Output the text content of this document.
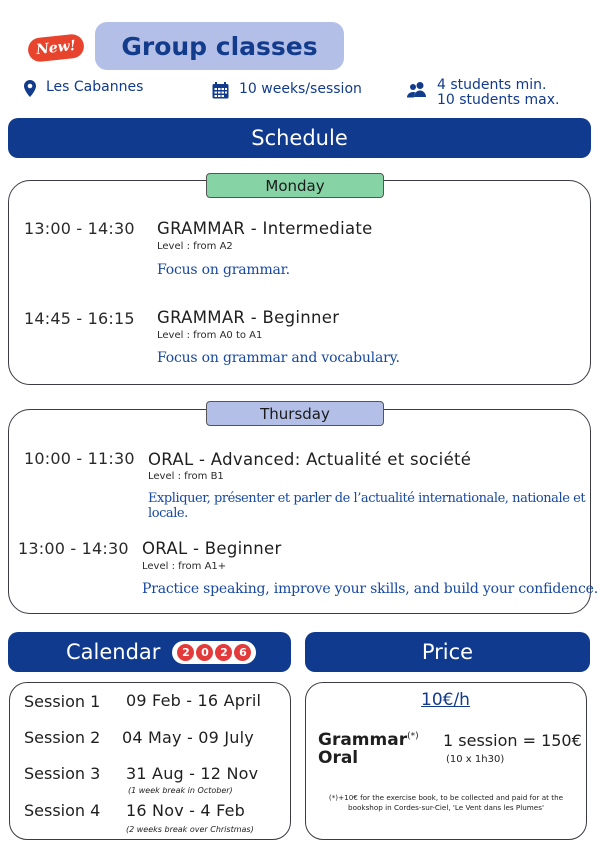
New!	Group classes
Les Cabannes	10 weeks/session	4 students min.
10 students max.
Schedule
Monday
13:00 - 14:30 GRAMMAR - Intermediate
Level : from A2
Focus on grammar.
14:45 - 16:15 GRAMMAR - Beginner
Level : from A0 to A1
Focus on grammar and vocabulary.
Thursday
10:00 - 11:30 ORAL - Advanced: Actualité et société
Level : from B1
Expliquer, présenter et parler de l’actualité internationale, nationale et locale.
13:00 - 14:30 ORAL - Beginner
Level : from A1+
Practice speaking, improve your skills, and build your confidence.
Calendar	2	0	2	6	Price
Session 1 09 Feb - 16 April
Session 2 04 May - 09 July
Session 3 31 Aug - 12 Nov
(1 week break in October)
Session 4 16 Nov - 4 Feb
(2 weeks break over Christmas)
10€/h
Grammar(*)
Oral
1 session = 150€
(10 x 1h30)
(*)+10€ for the exercise book, to be collected and paid for at the
bookshop in Cordes-sur-Ciel, 'Le Vent dans les Plumes'
